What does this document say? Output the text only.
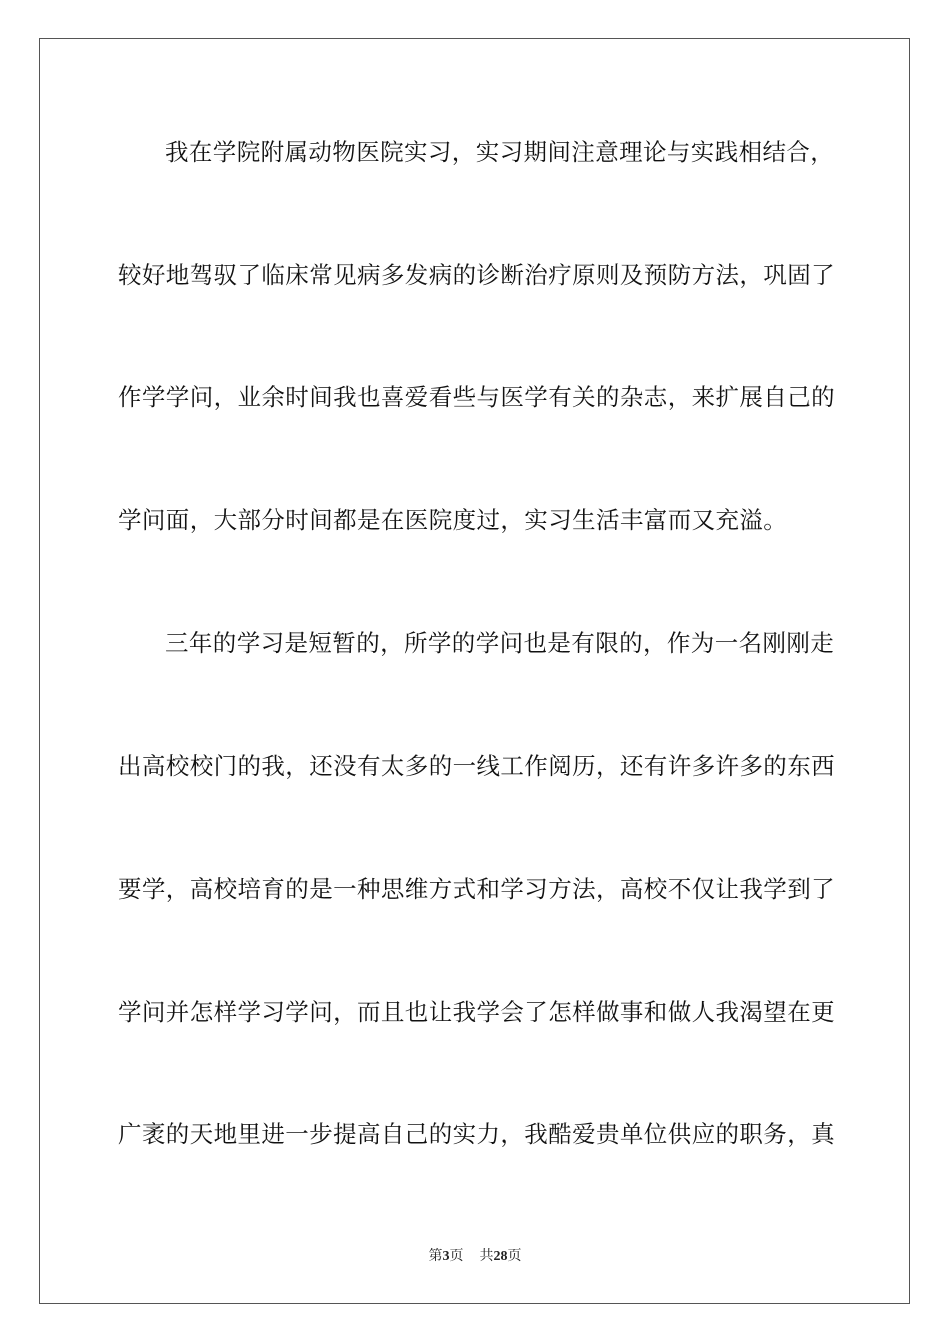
我在学院附属动物医院实习，实习期间注意理论与实践相结合，
较好地驾驭了临床常见病多发病的诊断治疗原则及预防方法，巩固了
作学学问，业余时间我也喜爱看些与医学有关的杂志，来扩展自己的
学问面，大部分时间都是在医院度过，实习生活丰富而又充溢。
三年的学习是短暂的，所学的学问也是有限的，作为一名刚刚走
出高校校门的我，还没有太多的一线工作阅历，还有许多许多的东西
要学，高校培育的是一种思维方式和学习方法，高校不仅让我学到了
学问并怎样学习学问，而且也让我学会了怎样做事和做人我渴望在更
广袤的天地里进一步提高自己的实力，我酷爱贵单位供应的职务，真
第3页 共28页
